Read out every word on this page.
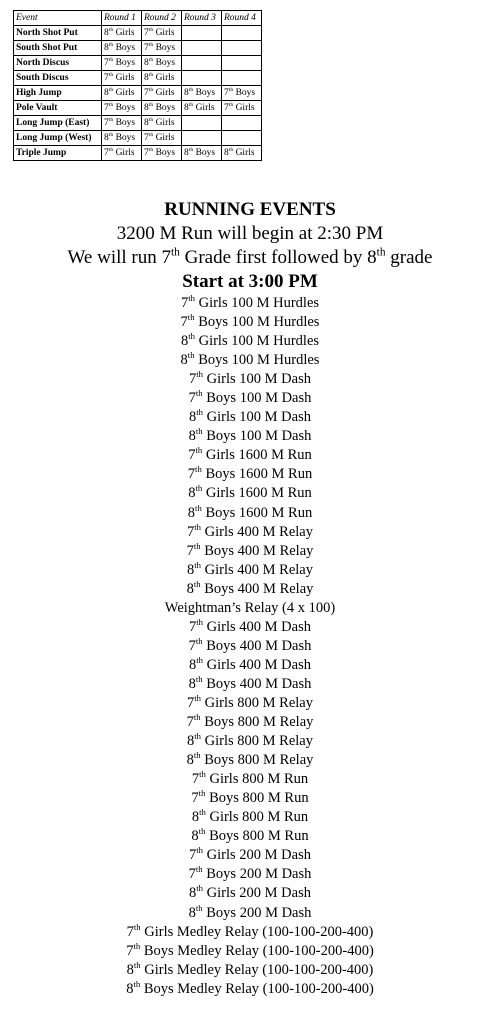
Event	Round 1	Round 2	Round 3	Round 4
North Shot Put	8th Girls	7th Girls		
South Shot Put	8th Boys	7th Boys		
North Discus	7th Boys	8th Boys		
South Discus	7th Girls	8th Girls		
High Jump	8th Girls	7th Girls	8th Boys	7th Boys
Pole Vault	7th Boys	8th Boys	8th Girls	7th Girls
Long Jump (East)	7th Boys	8th Girls		
Long Jump (West)	8th Boys	7th Girls		
Triple Jump	7th Girls	7th Boys	8th Boys	8th Girls
RUNNING EVENTS
3200 M Run will begin at 2:30 PM
We will run 7th Grade first followed by 8th grade
Start at 3:00 PM
7th Girls 100 M Hurdles
7th Boys 100 M Hurdles
8th Girls 100 M Hurdles
8th Boys 100 M Hurdles
7th Girls 100 M Dash
7th Boys 100 M Dash
8th Girls 100 M Dash
8th Boys 100 M Dash
7th Girls 1600 M Run
7th Boys 1600 M Run
8th Girls 1600 M Run
8th Boys 1600 M Run
7th Girls 400 M Relay
7th Boys 400 M Relay
8th Girls 400 M Relay
8th Boys 400 M Relay
Weightman’s Relay (4 x 100)
7th Girls 400 M Dash
7th Boys 400 M Dash
8th Girls 400 M Dash
8th Boys 400 M Dash
7th Girls 800 M Relay
7th Boys 800 M Relay
8th Girls 800 M Relay
8th Boys 800 M Relay
7th Girls 800 M Run
7th Boys 800 M Run
8th Girls 800 M Run
8th Boys 800 M Run
7th Girls 200 M Dash
7th Boys 200 M Dash
8th Girls 200 M Dash
8th Boys 200 M Dash
7th Girls Medley Relay (100-100-200-400)
7th Boys Medley Relay (100-100-200-400)
8th Girls Medley Relay (100-100-200-400)
8th Boys Medley Relay (100-100-200-400)
